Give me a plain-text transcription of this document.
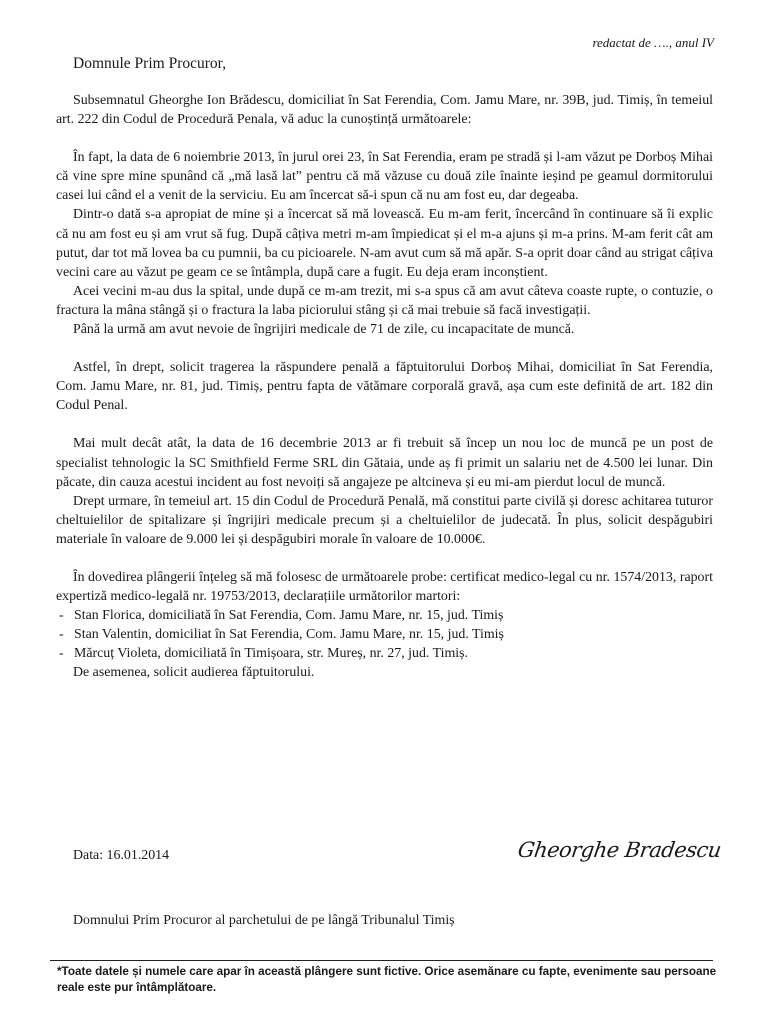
redactat de …., anul IV
Domnule Prim Procuror,

Subsemnatul Gheorghe Ion Brădescu, domiciliat în Sat Ferendia, Com. Jamu Mare, nr. 39B, jud. Timiș, în temeiul art. 222 din Codul de Procedură Penala, vă aduc la cunoștință următoarele:

În fapt, la data de 6 noiembrie 2013, în jurul orei 23, în Sat Ferendia, eram pe stradă și l-am văzut pe Dorboș Mihai că vine spre mine spunând că „mă lasă lat” pentru că mă văzuse cu două zile înainte ieșind pe geamul dormitorului casei lui când el a venit de la serviciu. Eu am încercat să-i spun că nu am fost eu, dar degeaba.

Dintr-o dată s-a apropiat de mine și a încercat să mă lovească. Eu m-am ferit, încercând în continuare să îi explic că nu am fost eu și am vrut să fug. După câțiva metri m-am împiedicat și el m-a ajuns și m-a prins. M-am ferit cât am putut, dar tot mă lovea ba cu pumnii, ba cu picioarele. N-am avut cum să mă apăr. S-a oprit doar când au strigat câțiva vecini care au văzut pe geam ce se întâmpla, după care a fugit. Eu deja eram inconștient.

Acei vecini m-au dus la spital, unde după ce m-am trezit, mi s-a spus că am avut câteva coaste rupte, o contuzie, o fractura la mâna stângă și o fractura la laba piciorului stâng și că mai trebuie să facă investigații.

Până la urmă am avut nevoie de îngrijiri medicale de 71 de zile, cu incapacitate de muncă.

Astfel, în drept, solicit tragerea la răspundere penală a făptuitorului Dorboș Mihai, domiciliat în Sat Ferendia, Com. Jamu Mare, nr. 81, jud. Timiș, pentru fapta de vătămare corporală gravă, așa cum este definită de art. 182 din Codul Penal.

Mai mult decât atât, la data de 16 decembrie 2013 ar fi trebuit să încep un nou loc de muncă pe un post de specialist tehnologic la SC Smithfield Ferme SRL din Gătaia, unde aș fi primit un salariu net de 4.500 lei lunar. Din păcate, din cauza acestui incident au fost nevoiți să angajeze pe altcineva și eu mi-am pierdut locul de muncă.

Drept urmare, în temeiul art. 15 din Codul de Procedură Penală, mă constitui parte civilă și doresc achitarea tuturor cheltuielilor de spitalizare și îngrijiri medicale precum și a cheltuielilor de judecată. În plus, solicit despăgubiri materiale în valoare de 9.000 lei și despăgubiri morale în valoare de 10.000€.

În dovedirea plângerii înțeleg să mă folosesc de următoarele probe: certificat medico-legal cu nr. 1574/2013, raport expertiză medico-legală nr. 19753/2013, declarațiile următorilor martori:

- Stan Florica, domiciliată în Sat Ferendia, Com. Jamu Mare, nr. 15, jud. Timiș

- Stan Valentin, domiciliat în Sat Ferendia, Com. Jamu Mare, nr. 15, jud. Timiș

- Mărcuț Violeta, domiciliată în Timișoara, str. Mureș, nr. 27, jud. Timiș.

De asemenea, solicit audierea făptuitorului.

Data: 16.01.2014	Gheorghe Bradescu
Domnului Prim Procuror al parchetului de pe lângă Tribunalul Timiș
*Toate datele și numele care apar în această plângere sunt fictive. Orice asemănare cu fapte, evenimente sau persoane reale este pur întâmplătoare.
